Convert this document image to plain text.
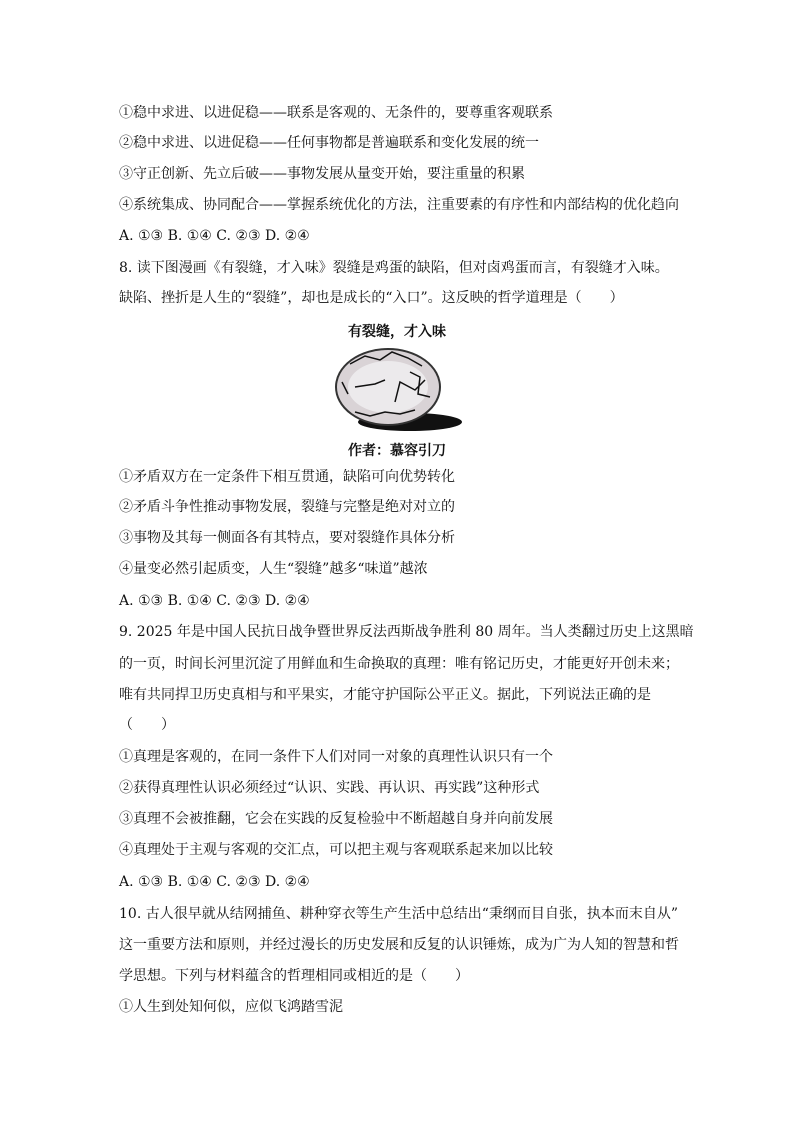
①稳中求进、以进促稳——联系是客观的、无条件的，要尊重客观联系
②稳中求进、以进促稳——任何事物都是普遍联系和变化发展的统一
③守正创新、先立后破——事物发展从量变开始，要注重量的积累
④系统集成、协同配合——掌握系统优化的方法，注重要素的有序性和内部结构的优化趋向
A. ①③ B. ①④ C. ②③ D. ②④
8. 读下图漫画《有裂缝，才入味》裂缝是鸡蛋的缺陷，但对卤鸡蛋而言，有裂缝才入味。
缺陷、挫折是人生的“裂缝”，却也是成长的“入口”。这反映的哲学道理是（　　）
有裂缝，才入味
作者：慕容引刀
①矛盾双方在一定条件下相互贯通，缺陷可向优势转化
②矛盾斗争性推动事物发展，裂缝与完整是绝对对立的
③事物及其每一侧面各有其特点，要对裂缝作具体分析
④量变必然引起质变，人生“裂缝”越多“味道”越浓
A. ①③ B. ①④ C. ②③ D. ②④
9. 2025 年是中国人民抗日战争暨世界反法西斯战争胜利 80 周年。当人类翻过历史上这黑暗
的一页，时间长河里沉淀了用鲜血和生命换取的真理：唯有铭记历史，才能更好开创未来；
唯有共同捍卫历史真相与和平果实，才能守护国际公平正义。据此，下列说法正确的是
（　　）
①真理是客观的，在同一条件下人们对同一对象的真理性认识只有一个
②获得真理性认识必须经过“认识、实践、再认识、再实践”这种形式
③真理不会被推翻，它会在实践的反复检验中不断超越自身并向前发展
④真理处于主观与客观的交汇点，可以把主观与客观联系起来加以比较
A. ①③ B. ①④ C. ②③ D. ②④
10. 古人很早就从结网捕鱼、耕种穿衣等生产生活中总结出“秉纲而目自张，执本而末自从”
这一重要方法和原则，并经过漫长的历史发展和反复的认识锤炼，成为广为人知的智慧和哲
学思想。下列与材料蕴含的哲理相同或相近的是（　　）
①人生到处知何似，应似飞鸿踏雪泥
